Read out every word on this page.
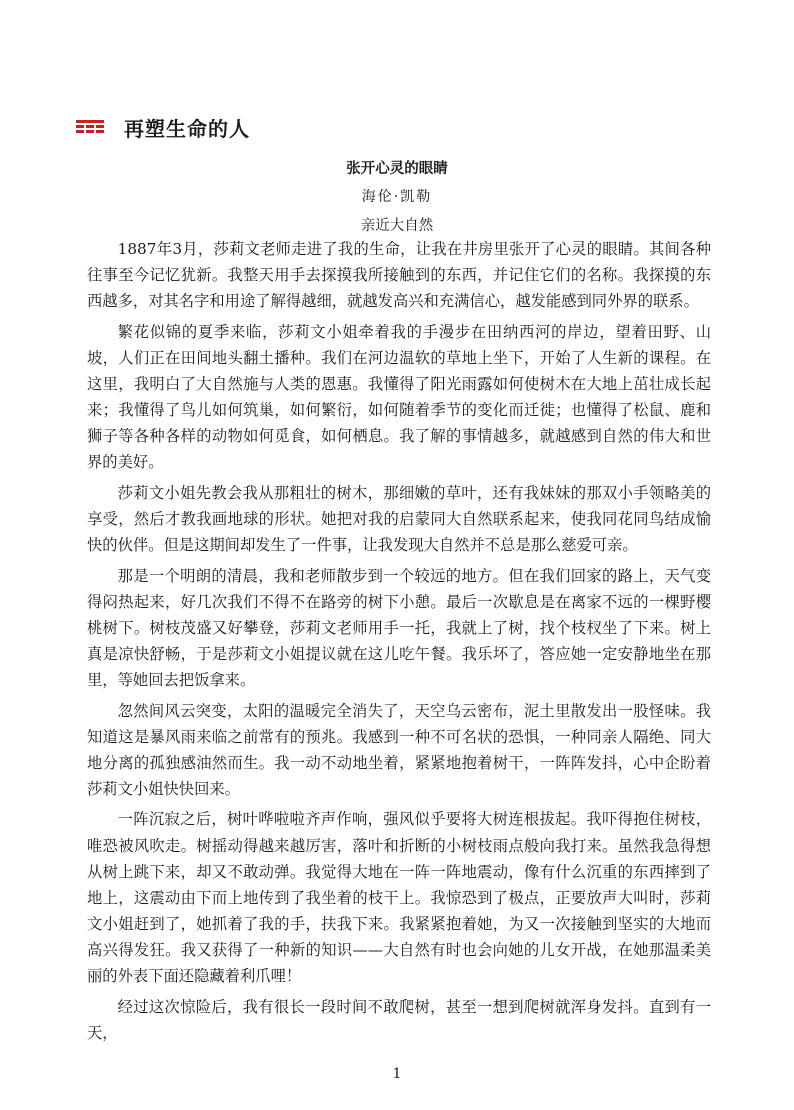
再塑生命的人
张开心灵的眼睛
海伦·凯勒
亲近大自然

1887年3月，莎莉文老师走进了我的生命，让我在井房里张开了心灵的眼睛。其间各种往事至今记忆犹新。我整天用手去探摸我所接触到的东西，并记住它们的名称。我探摸的东西越多，对其名字和用途了解得越细，就越发高兴和充满信心，越发能感到同外界的联系。

繁花似锦的夏季来临，莎莉文小姐牵着我的手漫步在田纳西河的岸边，望着田野、山坡，人们正在田间地头翻土播种。我们在河边温软的草地上坐下，开始了人生新的课程。在这里，我明白了大自然施与人类的恩惠。我懂得了阳光雨露如何使树木在大地上茁壮成长起来；我懂得了鸟儿如何筑巢，如何繁衍，如何随着季节的变化而迁徙；也懂得了松鼠、鹿和狮子等各种各样的动物如何觅食，如何栖息。我了解的事情越多，就越感到自然的伟大和世界的美好。

莎莉文小姐先教会我从那粗壮的树木，那细嫩的草叶，还有我妹妹的那双小手领略美的享受，然后才教我画地球的形状。她把对我的启蒙同大自然联系起来，使我同花同鸟结成愉快的伙伴。但是这期间却发生了一件事，让我发现大自然并不总是那么慈爱可亲。

那是一个明朗的清晨，我和老师散步到一个较远的地方。但在我们回家的路上，天气变得闷热起来，好几次我们不得不在路旁的树下小憩。最后一次歇息是在离家不远的一棵野樱桃树下。树枝茂盛又好攀登，莎莉文老师用手一托，我就上了树，找个枝杈坐了下来。树上真是凉快舒畅，于是莎莉文小姐提议就在这儿吃午餐。我乐坏了，答应她一定安静地坐在那里，等她回去把饭拿来。

忽然间风云突变，太阳的温暖完全消失了，天空乌云密布，泥土里散发出一股怪味。我知道这是暴风雨来临之前常有的预兆。我感到一种不可名状的恐惧，一种同亲人隔绝、同大地分离的孤独感油然而生。我一动不动地坐着，紧紧地抱着树干，一阵阵发抖，心中企盼着莎莉文小姐快快回来。

一阵沉寂之后，树叶哗啦啦齐声作响，强风似乎要将大树连根拔起。我吓得抱住树枝，唯恐被风吹走。树摇动得越来越厉害，落叶和折断的小树枝雨点般向我打来。虽然我急得想从树上跳下来，却又不敢动弹。我觉得大地在一阵一阵地震动，像有什么沉重的东西摔到了地上，这震动由下而上地传到了我坐着的枝干上。我惊恐到了极点，正要放声大叫时，莎莉文小姐赶到了，她抓着了我的手，扶我下来。我紧紧抱着她，为又一次接触到坚实的大地而高兴得发狂。我又获得了一种新的知识——大自然有时也会向她的儿女开战，在她那温柔美丽的外表下面还隐藏着利爪哩！

经过这次惊险后，我有很长一段时间不敢爬树，甚至一想到爬树就浑身发抖。直到有一天，

1
